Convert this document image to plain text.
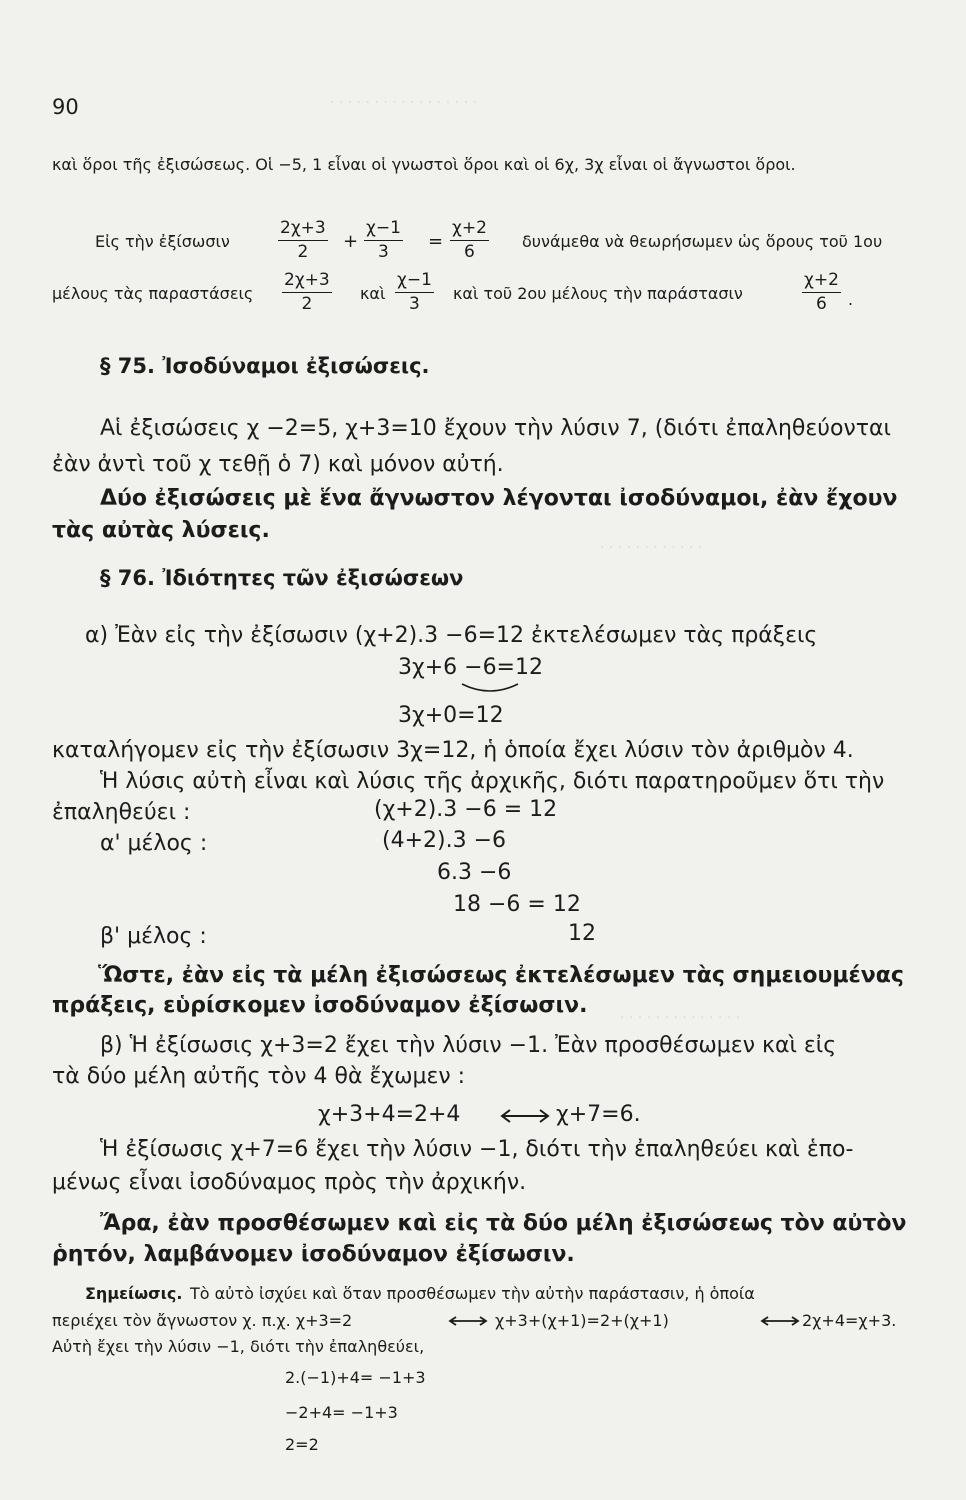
· · · · · · · · · · · · · · · · ·
· · · · · · · · · · · ·
· · · · · · · · · · · · · ·
90
καὶ ὅροι τῆς ἐξισώσεως. Οἱ −5, 1 εἶναι οἱ γνωστοὶ ὅροι καὶ οἱ 6χ, 3χ εἶναι οἱ ἄγνωστοι ὅροι.
Εἰς τὴν ἐξίσωσιν	$\frac{2\chi+3}{2} + \frac{\chi-1}{3} = \frac{\chi+2}{6}$ δυνάμεθα νὰ θεωρήσωμεν ὡς ὅρους τοῦ 1ου
μέλους τὰς παραστάσεις $\frac{2\chi+3}{2}$ καὶ $\frac{\chi-1}{3}$ καὶ τοῦ 2ου μέλους τὴν παράστασιν	$\frac{\chi+2}{6}$ .
§ 75. Ἰσοδύναμοι ἐξισώσεις.
Αἱ ἐξισώσεις χ −2=5, χ+3=10 ἔχουν τὴν λύσιν 7, (διότι ἐπαληθεύονται
ἐὰν ἀντὶ τοῦ χ τεθῇ ὁ 7) καὶ μόνον αὐτή.
Δύο ἐξισώσεις μὲ ἕνα ἄγνωστον λέγονται ἰσοδύναμοι, ἐὰν ἔχουν
τὰς αὐτὰς λύσεις.
§ 76. Ἰδιότητες τῶν ἐξισώσεων
α) Ἐὰν εἰς τὴν ἐξίσωσιν (χ+2).3 −6=12 ἐκτελέσωμεν τὰς πράξεις
3χ+6 −6=12
3χ+0=12
καταλήγομεν εἰς τὴν ἐξίσωσιν 3χ=12, ἡ ὁποία ἔχει λύσιν τὸν ἀριθμὸν 4.
Ἡ λύσις αὐτὴ εἶναι καὶ λύσις τῆς ἀρχικῆς, διότι παρατηροῦμεν ὅτι τὴν
ἐπαληθεύει :	(χ+2).3 −6 = 12
α' μέλος :	(4+2).3 −6
6.3 −6
18 −6 = 12
β' μέλος :	12
Ὥστε, ἐὰν εἰς τὰ μέλη ἐξισώσεως ἐκτελέσωμεν τὰς σημειουμένας
πράξεις, εὑρίσκομεν ἰσοδύναμον ἐξίσωσιν.
β) Ἡ ἐξίσωσις χ+3=2 ἔχει τὴν λύσιν −1. Ἐὰν προσθέσωμεν καὶ εἰς
τὰ δύο μέλη αὐτῆς τὸν 4 θὰ ἔχωμεν :
χ+3+4=2+4	χ+7=6.
Ἡ ἐξίσωσις χ+7=6 ἔχει τὴν λύσιν −1, διότι τὴν ἐπαληθεύει καὶ ἑπο-
μένως εἶναι ἰσοδύναμος πρὸς τὴν ἀρχικήν.
Ἄρα, ἐὰν προσθέσωμεν καὶ εἰς τὰ δύο μέλη ἐξισώσεως τὸν αὐτὸν
ῥητόν, λαμβάνομεν ἰσοδύναμον ἐξίσωσιν.
Σημείωσις. Τὸ αὐτὸ ἰσχύει καὶ ὅταν προσθέσωμεν τὴν αὐτὴν παράστασιν, ἡ ὁποία
περιέχει τὸν ἄγνωστον χ. π.χ. χ+3=2	χ+3+(χ+1)=2+(χ+1)	2χ+4=χ+3.
Αὐτὴ ἔχει τὴν λύσιν −1, διότι τὴν ἐπαληθεύει,
2.(−1)+4= −1+3
−2+4= −1+3
2=2
